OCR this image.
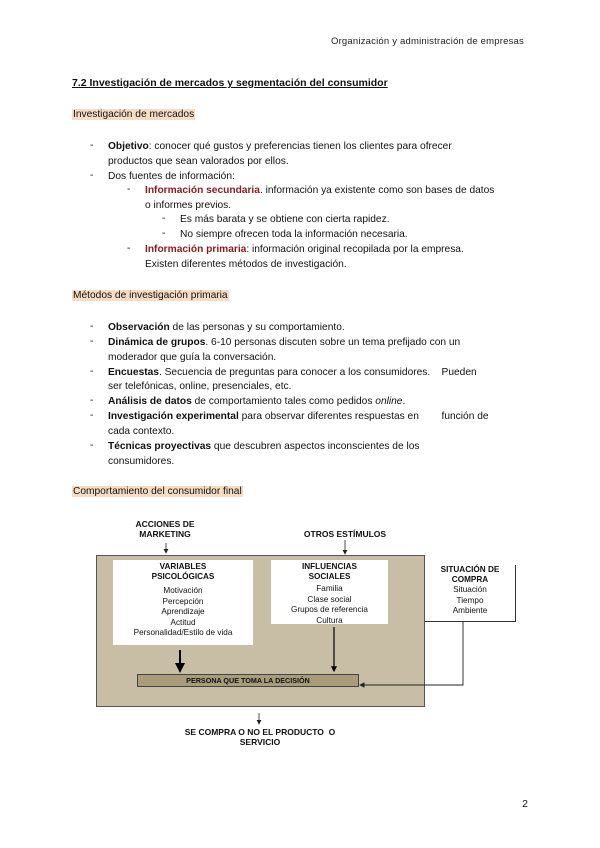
Organización y administración de empresas
7.2 Investigación de mercados y segmentación del consumidor
Investigación de mercados
- Objetivo: conocer qué gustos y preferencias tienen los clientes para ofrecer
productos que sean valorados por ellos.
- Dos fuentes de información:
- Información secundaria. información ya existente como son bases de datos
o informes previos.
- Es más barata y se obtiene con cierta rapidez.
- No siempre ofrecen toda la información necesaria.
- Información primaria: información original recopilada por la empresa.
Existen diferentes métodos de investigación.
Métodos de investigación primaria
- Observación de las personas y su comportamiento.
- Dinámica de grupos. 6-10 personas discuten sobre un tema prefijado con un
moderador que guía la conversación.
- Encuestas. Secuencia de preguntas para conocer a los consumidores.    Pueden
ser telefónicas, online, presenciales, etc.
- Análisis de datos de comportamiento tales como pedidos online.
- Investigación experimental para observar diferentes respuestas en        función de
cada contexto.
- Técnicas proyectivas que descubren aspectos inconscientes de los
consumidores.
Comportamiento del consumidor final
ACCIONES DE
MARKETING	OTROS ESTÍMULOS
VARIABLES
PSICOLÓGICAS
Motivación
Percepción
Aprendizaje
Actitud
Personalidad/Estilo de vida
INFLUENCIAS
SOCIALES
Familia
Clase social
Grupos de referencia
Cultura
SITUACIÓN DE
COMPRA
Situación
Tiempo
Ambiente
PERSONA QUE TOMA LA DECISIÓN
SE COMPRA O NO EL PRODUCTO  O
SERVICIO
2
